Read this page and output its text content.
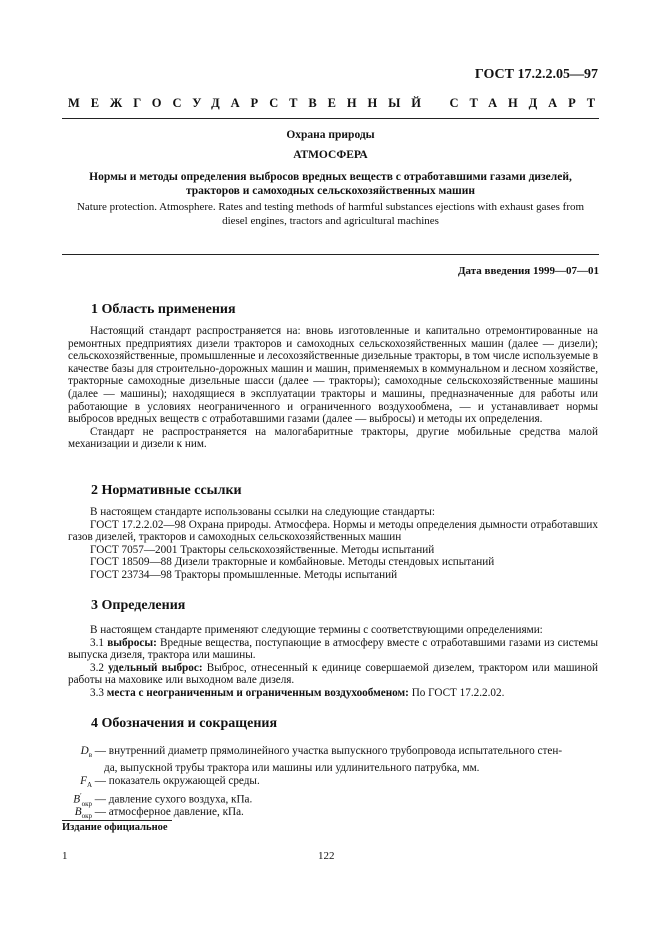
ГОСТ 17.2.2.05—97
МЕЖГОСУДАРСТВЕННЫЙ СТАНДАРТ
Охрана природы
АТМОСФЕРА
Нормы и методы определения выбросов вредных веществ с отработавшими газами дизелей,
тракторов и самоходных сельскохозяйственных машин
Nature protection. Atmosphere. Rates and testing methods of harmful substances ejections with exhaust gases from
diesel engines, tractors and agricultural machines
Дата введения 1999—07—01
1 Область применения

Настоящий стандарт распространяется на: вновь изготовленные и капитально отремонтированные на ремонтных предприятиях дизели тракторов и самоходных сельскохозяйственных машин (далее — дизели); сельскохозяйственные, промышленные и лесохозяйственные дизельные тракторы, в том числе используемые в качестве базы для строительно-дорожных машин и машин, применяемых в коммунальном и лесном хозяйстве, тракторные самоходные дизельные шасси (далее — тракторы); самоходные сельскохозяйственные машины (далее — машины); находящиеся в эксплуатации тракторы и машины, предназначенные для работы или работающие в условиях неограниченного и ограниченного воздухообмена, — и устанавливает нормы выбросов вредных веществ с отработавшими газами (далее — выбросы) и методы их определения.

Стандарт не распространяется на малогабаритные тракторы, другие мобильные средства малой механизации и дизели к ним.

2 Нормативные ссылки

В настоящем стандарте использованы ссылки на следующие стандарты:

ГОСТ 17.2.2.02—98 Охрана природы. Атмосфера. Нормы и методы определения дымности отработавших газов дизелей, тракторов и самоходных сельскохозяйственных машин

ГОСТ 7057—2001 Тракторы сельскохозяйственные. Методы испытаний

ГОСТ 18509—88 Дизели тракторные и комбайновые. Методы стендовых испытаний

ГОСТ 23734—98 Тракторы промышленные. Методы испытаний

3 Определения

В настоящем стандарте применяют следующие термины с соответствующими определениями:

3.1 выбросы: Вредные вещества, поступающие в атмосферу вместе с отработавшими газами из системы выпуска дизеля, трактора или машины.

3.2 удельный выброс: Выброс, отнесенный к единице совершаемой дизелем, трактором или машиной работы на маховике или выходном вале дизеля.

3.3 места с неограниченным и ограниченным воздухообменом: По ГОСТ 17.2.2.02.

4 Обозначения и сокращения
$D_в$ — внутренний диаметр прямолинейного участка выпускного трубопровода испытательного стен-
да, выпускной трубы трактора или машины или удлинительного патрубка, мм.
$F_A$ — показатель окружающей среды.
$B'_{окр}$ — давление сухого воздуха, кПа.
$B_{окр}$ — атмосферное давление, кПа.
Издание официальное
1	122
